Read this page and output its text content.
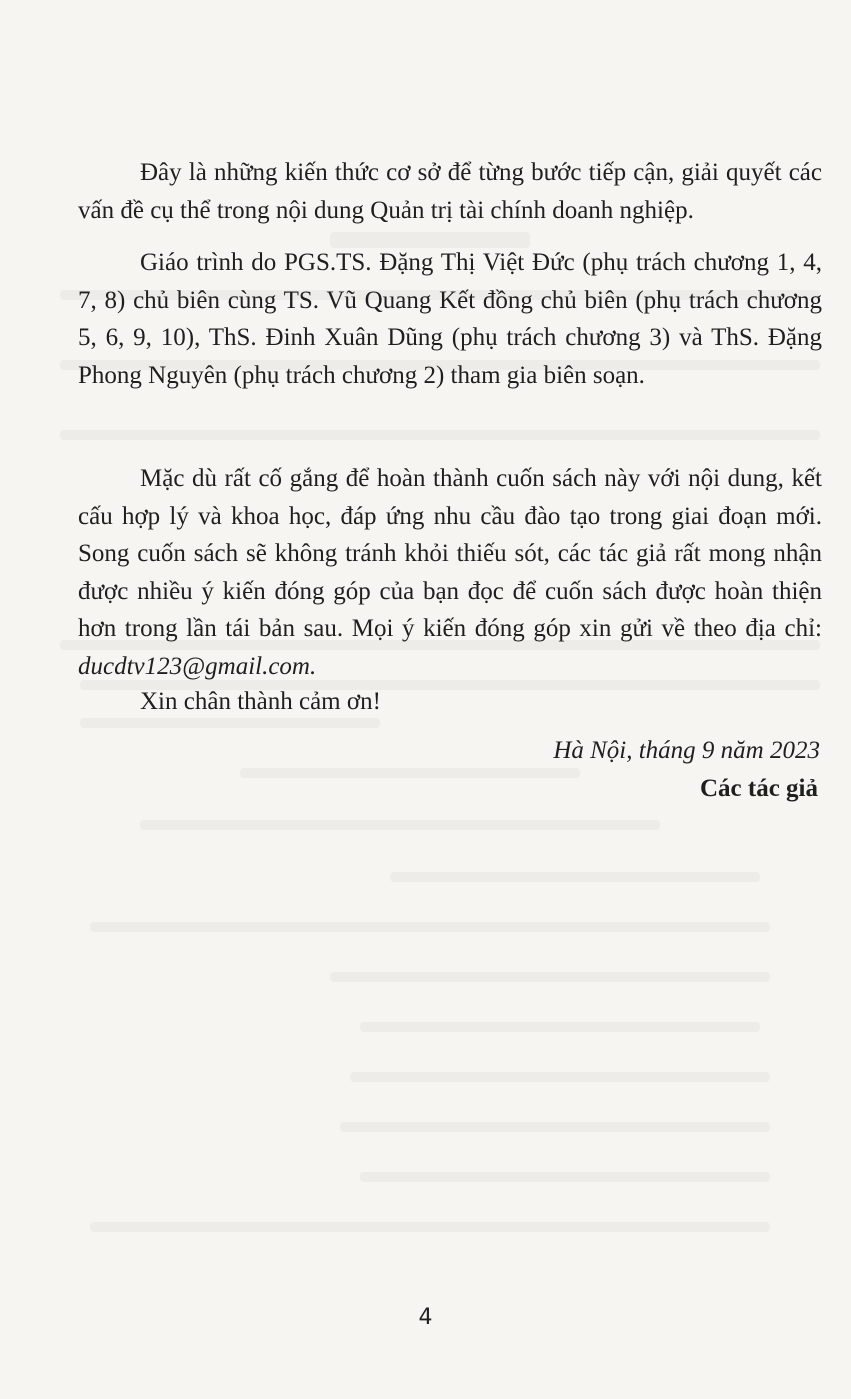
Đây là những kiến thức cơ sở để từng bước tiếp cận, giải quyết các vấn đề cụ thể trong nội dung Quản trị tài chính doanh nghiệp.

Giáo trình do PGS.TS. Đặng Thị Việt Đức (phụ trách chương 1, 4, 7, 8) chủ biên cùng TS. Vũ Quang Kết đồng chủ biên (phụ trách chương 5, 6, 9, 10), ThS. Đinh Xuân Dũng (phụ trách chương 3) và ThS. Đặng Phong Nguyên (phụ trách chương 2) tham gia biên soạn.

Mặc dù rất cố gắng để hoàn thành cuốn sách này với nội dung, kết cấu hợp lý và khoa học, đáp ứng nhu cầu đào tạo trong giai đoạn mới. Song cuốn sách sẽ không tránh khỏi thiếu sót, các tác giả rất mong nhận được nhiều ý kiến đóng góp của bạn đọc để cuốn sách được hoàn thiện hơn trong lần tái bản sau. Mọi ý kiến đóng góp xin gửi về theo địa chỉ: ducdtv123@gmail.com.

Xin chân thành cảm ơn!

Hà Nội, tháng 9 năm 2023
Các tác giả
4
